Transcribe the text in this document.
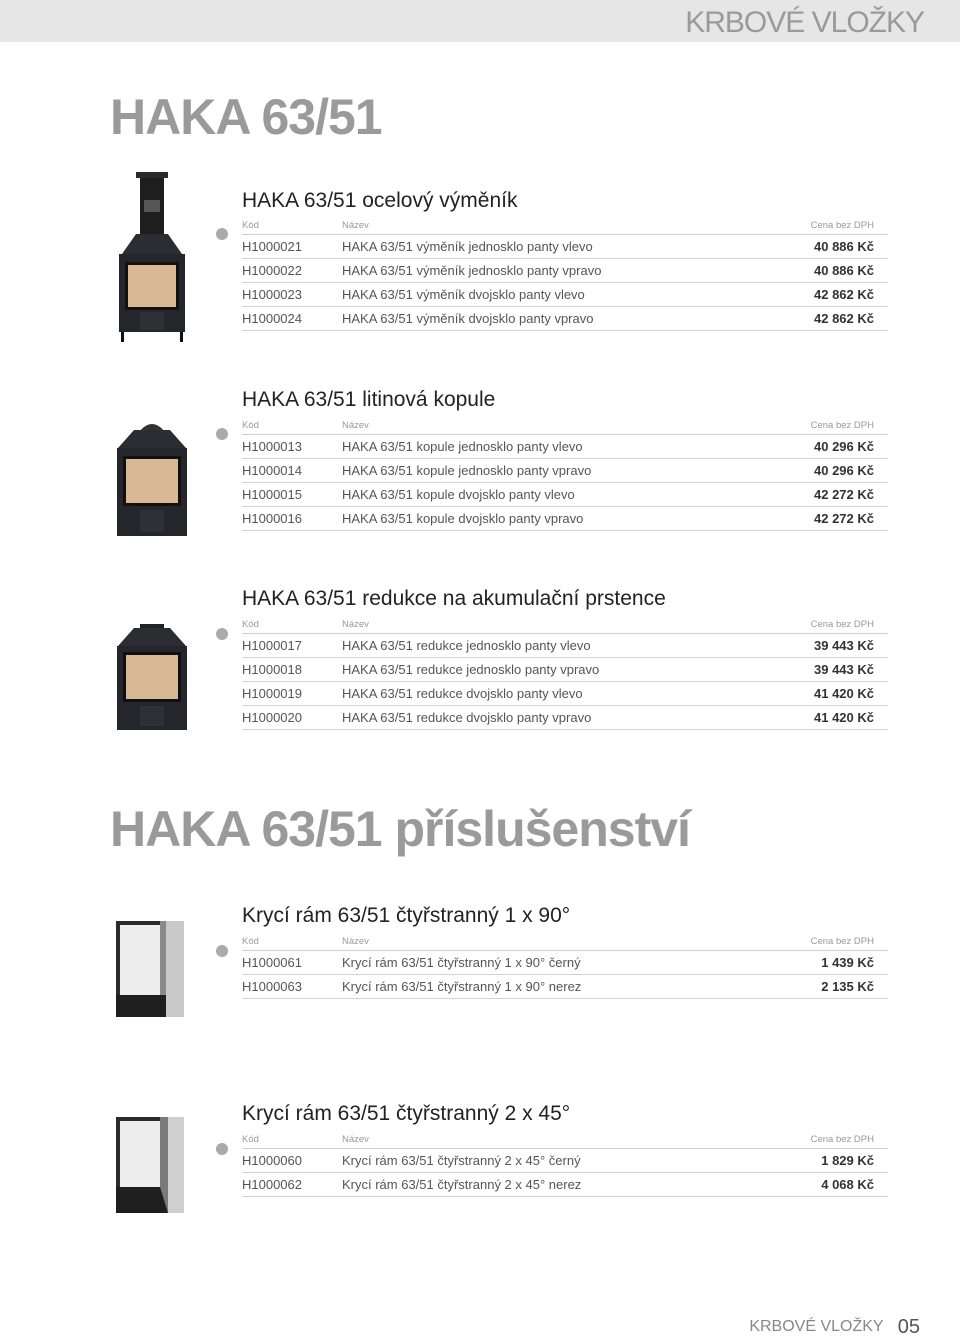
KRBOVÉ VLOŽKY
HAKA 63/51
HAKA 63/51 ocelový výměník
Kód	Název	Cena bez DPH
H1000021	HAKA 63/51 výměník jednosklo panty vlevo	40 886 Kč
H1000022	HAKA 63/51 výměník jednosklo panty vpravo	40 886 Kč
H1000023	HAKA 63/51 výměník dvojsklo panty vlevo	42 862 Kč
H1000024	HAKA 63/51 výměník dvojsklo panty vpravo	42 862 Kč
HAKA 63/51 litinová kopule
Kód	Název	Cena bez DPH
H1000013	HAKA 63/51 kopule jednosklo panty vlevo	40 296 Kč
H1000014	HAKA 63/51 kopule jednosklo panty vpravo	40 296 Kč
H1000015	HAKA 63/51 kopule dvojsklo panty vlevo	42 272 Kč
H1000016	HAKA 63/51 kopule dvojsklo panty vpravo	42 272 Kč
HAKA 63/51 redukce na akumulační prstence
Kód	Název	Cena bez DPH
H1000017	HAKA 63/51 redukce jednosklo panty vlevo	39 443 Kč
H1000018	HAKA 63/51 redukce jednosklo panty vpravo	39 443 Kč
H1000019	HAKA 63/51 redukce dvojsklo panty vlevo	41 420 Kč
H1000020	HAKA 63/51 redukce dvojsklo panty vpravo	41 420 Kč
HAKA 63/51 příslušenství
Krycí rám 63/51 čtyřstranný 1 x 90°
Kód	Název	Cena bez DPH
H1000061	Krycí rám 63/51 čtyřstranný 1 x 90° černý	1 439 Kč
H1000063	Krycí rám 63/51 čtyřstranný 1 x 90° nerez	2 135 Kč
Krycí rám 63/51 čtyřstranný 2 x 45°
Kód	Název	Cena bez DPH
H1000060	Krycí rám 63/51 čtyřstranný 2 x 45° černý	1 829 Kč
H1000062	Krycí rám 63/51 čtyřstranný 2 x 45° nerez	4 068 Kč
KRBOVÉ VLOŽKY 05
